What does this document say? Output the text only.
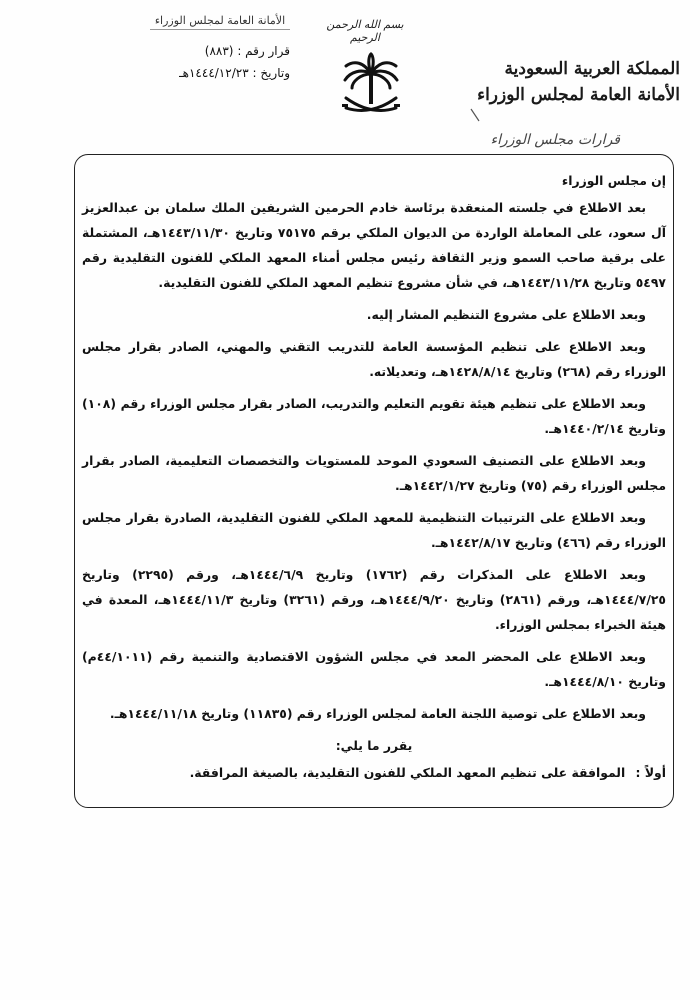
الأمانة العامة لمجلس الوزراء	بسم الله الرحمن الرحيم
قرار رقم : (٨٨٣)
وتاريخ : ١٤٤٤/١٢/٢٣هـ	المملكة العربية السعودية
الأمانة العامة لمجلس الوزراء
قرارات مجلس الوزراء
إن مجلس الوزراء
بعد الاطلاع في جلسته المنعقدة برئاسة خادم الحرمين الشريفين الملك سلمان بن عبدالعزيز آل سعود، على المعاملة الواردة من الديوان الملكي برقم ٧٥١٧٥ وتاريخ ١٤٤٣/١١/٣٠هـ، المشتملة على برقية صاحب السمو وزير الثقافة رئيس مجلس أمناء المعهد الملكي للفنون التقليدية رقم ٥٤٩٧ وتاريخ ١٤٤٣/١١/٢٨هـ، في شأن مشروع تنظيم المعهد الملكي للفنون التقليدية.
وبعد الاطلاع على مشروع التنظيم المشار إليه.
وبعد الاطلاع على تنظيم المؤسسة العامة للتدريب التقني والمهني، الصادر بقرار مجلس الوزراء رقم (٢٦٨) وتاريخ ١٤٢٨/٨/١٤هـ، وتعديلاته.
وبعد الاطلاع على تنظيم هيئة تقويم التعليم والتدريب، الصادر بقرار مجلس الوزراء رقم (١٠٨) وتاريخ ١٤٤٠/٢/١٤هـ.
وبعد الاطلاع على التصنيف السعودي الموحد للمستويات والتخصصات التعليمية، الصادر بقرار مجلس الوزراء رقم (٧٥) وتاريخ ١٤٤٢/١/٢٧هـ.
وبعد الاطلاع على الترتيبات التنظيمية للمعهد الملكي للفنون التقليدية، الصادرة بقرار مجلس الوزراء رقم (٤٦٦) وتاريخ ١٤٤٢/٨/١٧هـ.
وبعد الاطلاع على المذكرات رقم (١٧٦٢) وتاريخ ١٤٤٤/٦/٩هـ، ورقم (٢٢٩٥) وتاريخ ١٤٤٤/٧/٢٥هـ، ورقم (٢٨٦١) وتاريخ ١٤٤٤/٩/٢٠هـ، ورقم (٣٢٦١) وتاريخ ١٤٤٤/١١/٣هـ، المعدة في هيئة الخبراء بمجلس الوزراء.
وبعد الاطلاع على المحضر المعد في مجلس الشؤون الاقتصادية والتنمية رقم (٤٤/١٠١١م) وتاريخ ١٤٤٤/٨/١٠هـ.
وبعد الاطلاع على توصية اللجنة العامة لمجلس الوزراء رقم (١١٨٣٥) وتاريخ ١٤٤٤/١١/١٨هـ.
يقرر ما يلي:
أولاً : الموافقة على تنظيم المعهد الملكي للفنون التقليدية، بالصيغة المرافقة.
